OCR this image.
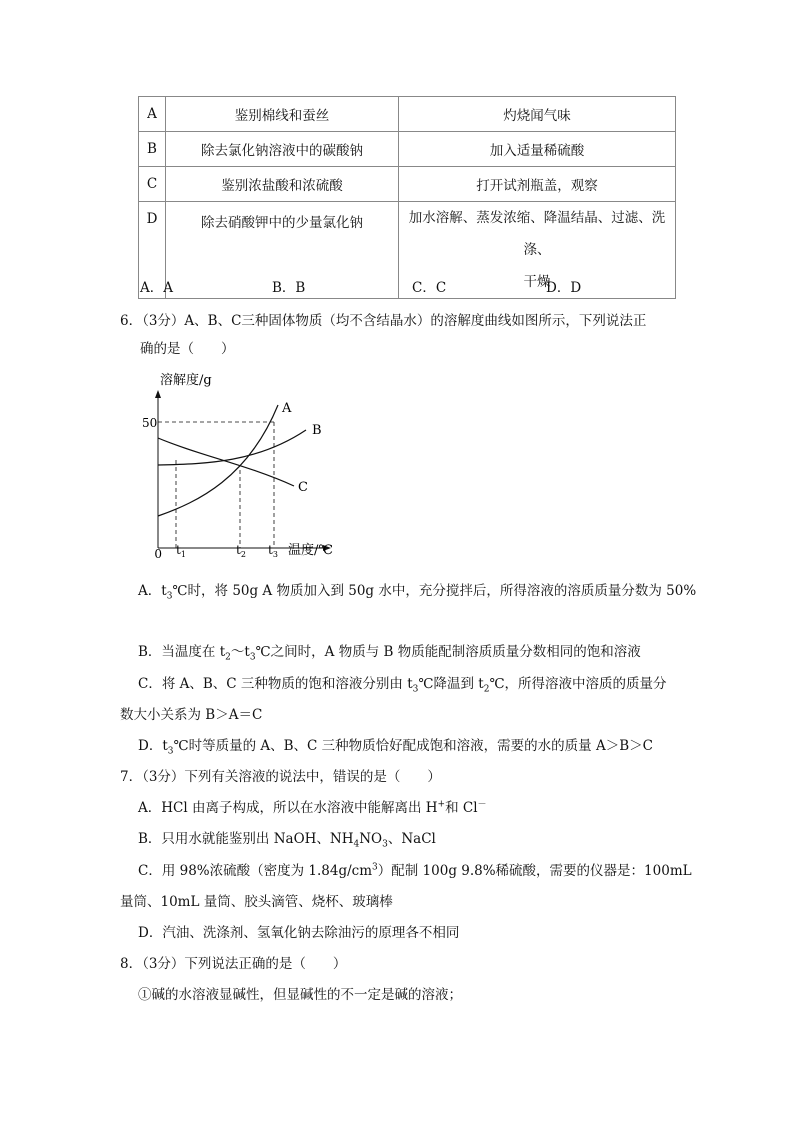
A	鉴别棉线和蚕丝	灼烧闻气味
B	除去氯化钠溶液中的碳酸钠	加入适量稀硫酸
C	鉴别浓盐酸和浓硫酸	打开试剂瓶盖，观察
D	除去硝酸钾中的少量氯化钠	加水溶解、蒸发浓缩、降温结晶、过滤、洗涤、
干燥
A．A	B．B	C．C	D．D
6．（3分）A、B、C三种固体物质（均不含结晶水）的溶解度曲线如图所示，下列说法正
确的是（　　）
溶解度/g
0
50
A
B
C
$t_1$	$t_2$ $t_3$ 温度/℃
A．$t_3℃$时，将 50g A 物质加入到 50g 水中，充分搅拌后，所得溶液的溶质质量分数为 50%
B．当温度在 $t_2\sim t_3℃$之间时，A 物质与 B 物质能配制溶质质量分数相同的饱和溶液
C．将 A、B、C 三种物质的饱和溶液分别由 $t_3℃$降温到 $t_2℃$，所得溶液中溶质的质量分
数大小关系为 B＞A＝C
D．$t_3℃$时等质量的 A、B、C 三种物质恰好配成饱和溶液，需要的水的质量 A＞B＞C
7．（3分）下列有关溶液的说法中，错误的是（　　）
A．HCl 由离子构成，所以在水溶液中能解离出 H+和 Cl－
B．只用水就能鉴别出 NaOH、$NH_4NO_3$、NaCl
C．用 98%浓硫酸（密度为 $1.84g/cm^3$）配制 100g 9.8%稀硫酸，需要的仪器是：100mL
量筒、10mL 量筒、胶头滴管、烧杯、玻璃棒
D．汽油、洗涤剂、氢氧化钠去除油污的原理各不相同
8．（3分）下列说法正确的是（　　）
①碱的水溶液显碱性，但显碱性的不一定是碱的溶液；
